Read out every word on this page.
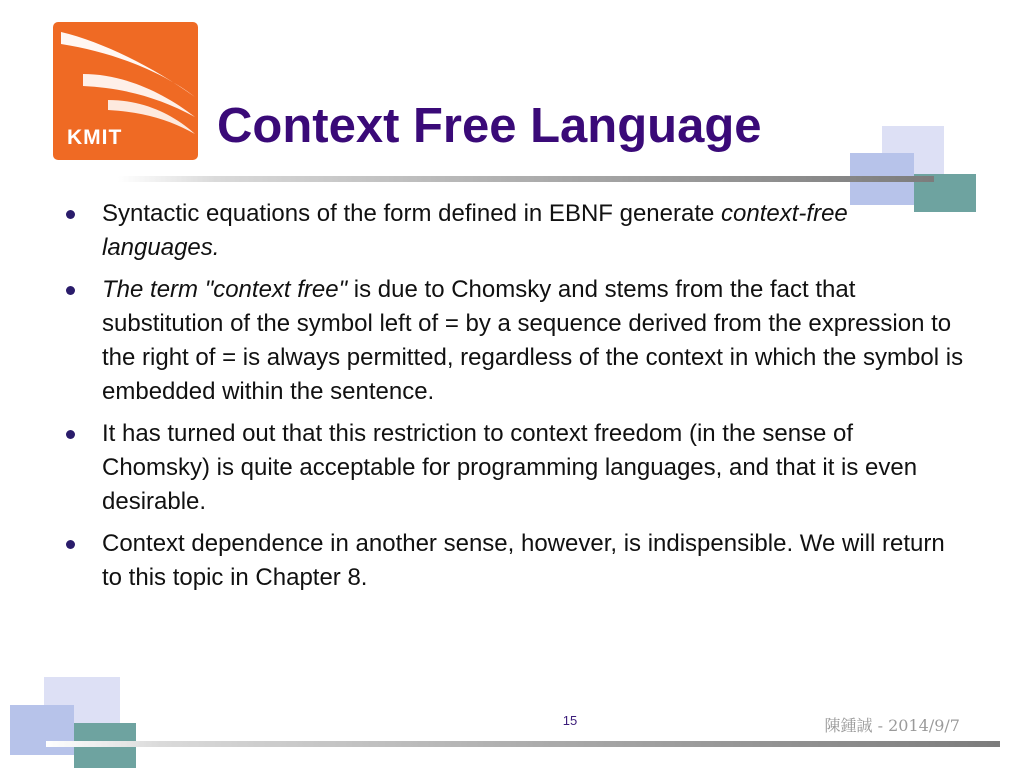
KMIT	Context Free Language
Syntactic equations of the form defined in EBNF generate context-free languages.
The term "context free" is due to Chomsky and stems from the fact that substitution of the symbol left of = by a sequence derived from the expression to the right of = is always permitted, regardless of the context in which the symbol is embedded within the sentence.
It has turned out that this restriction to context freedom (in the sense of Chomsky) is quite acceptable for programming languages, and that it is even desirable.
Context dependence in another sense, however, is indispensible. We will return to this topic in Chapter 8.
15	陳鍾誠 - 2014/9/7
